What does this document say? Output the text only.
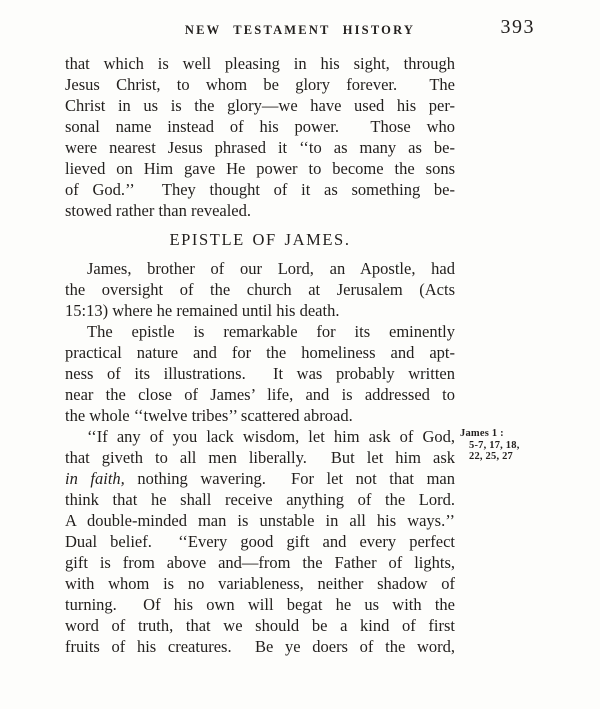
NEW TESTAMENT HISTORY	393
that which is well pleasing in his sight, through
Jesus Christ, to whom be glory forever.  The
Christ in us is the glory—we have used his per-
sonal name instead of his power.  Those who
were nearest Jesus phrased it ‘‘to as many as be-
lieved on Him gave He power to become the sons
of God.’’  They thought of it as something be-
stowed rather than revealed.
EPISTLE OF JAMES.
James, brother of our Lord, an Apostle, had
the oversight of the church at Jerusalem (Acts
15:13) where he remained until his death.
The epistle is remarkable for its eminently
practical nature and for the homeliness and apt-
ness of its illustrations.  It was probably written
near the close of James’ life, and is addressed to
the whole ‘‘twelve tribes’’ scattered abroad.
‘‘If any of you lack wisdom, let him ask of God, James 1 :
5-7, 17, 18,
22, 25, 27
that giveth to all men liberally.  But let him ask
in faith, nothing wavering.  For let not that man
think that he shall receive anything of the Lord.
A double-minded man is unstable in all his ways.’’
Dual belief.  ‘‘Every good gift and every perfect
gift is from above and—from the Father of lights,
with whom is no variableness, neither shadow of
turning.  Of his own will begat he us with the
word of truth, that we should be a kind of first
fruits of his creatures.  Be ye doers of the word,
